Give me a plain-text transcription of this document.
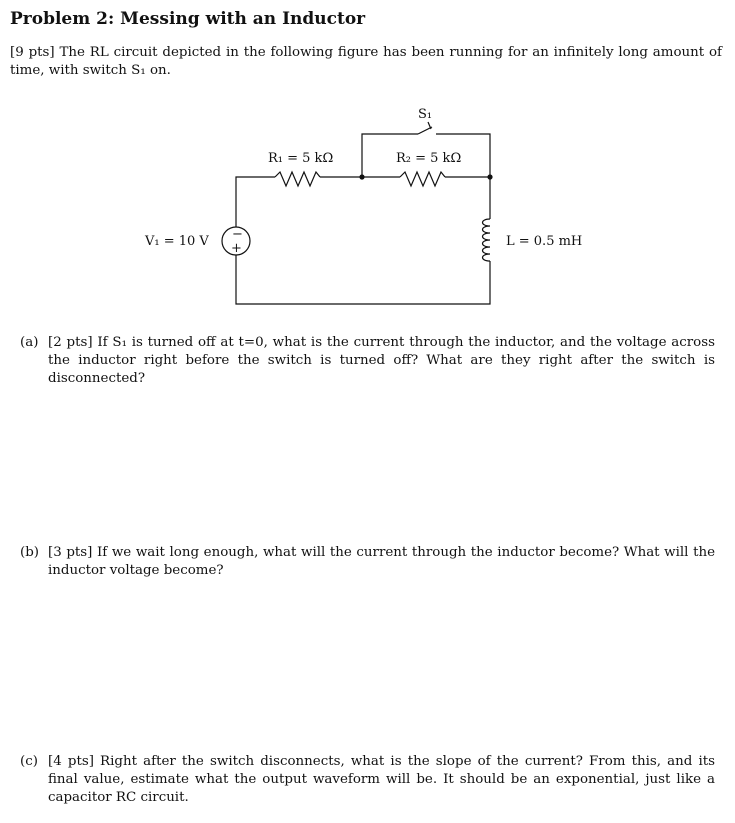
Problem 2: Messing with an Inductor
[9 pts] The RL circuit depicted in the following figure has been running for an infinitely long amount of time, with switch S₁ on.
S₁
R₁ = 5 kΩ	R₂ = 5 kΩ
V₁ = 10 V −
+	L = 0.5 mH
(a) [2 pts] If S₁ is turned off at t=0, what is the current through the inductor, and the voltage across the inductor right before the switch is turned off? What are they right after the switch is disconnected?
(b) [3 pts] If we wait long enough, what will the current through the inductor become? What will the inductor voltage become?
(c) [4 pts] Right after the switch disconnects, what is the slope of the current? From this, and its final value, estimate what the output waveform will be. It should be an exponential, just like a capacitor RC circuit.
